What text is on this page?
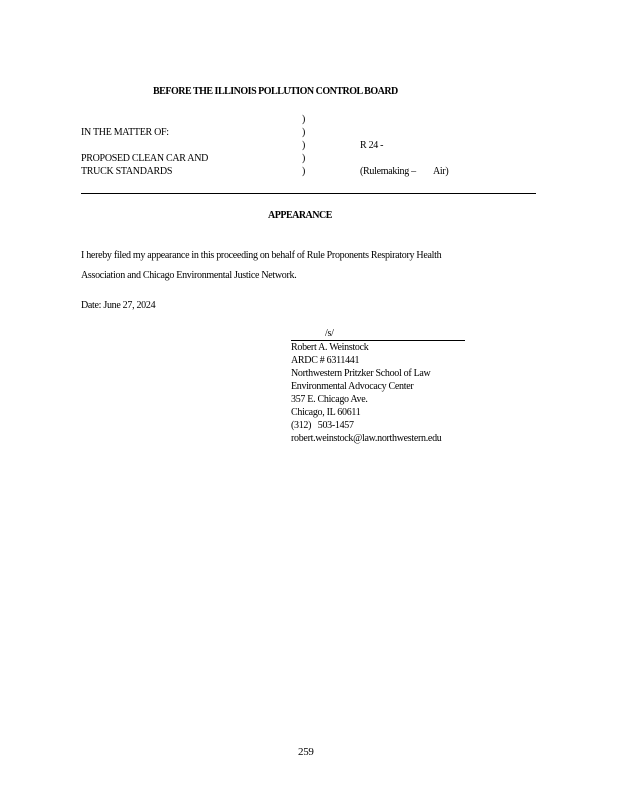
BEFORE THE ILLINOIS POLLUTION CONTROL BOARD
)
)
)
)
)
IN THE MATTER OF:
PROPOSED CLEAN CAR AND
TRUCK STANDARDS
R 24 -
(Rulemaking – Air)
APPEARANCE
I hereby filed my appearance in this proceeding on behalf of Rule Proponents Respiratory Health
Association and Chicago Environmental Justice Network.
Date: June 27, 2024
/s/
Robert A. Weinstock
ARDC # 6311441
Northwestern Pritzker School of Law
Environmental Advocacy Center
357 E. Chicago Ave.
Chicago, IL 60611
(312)   503-1457
robert.weinstock@law.northwestern.edu
259
